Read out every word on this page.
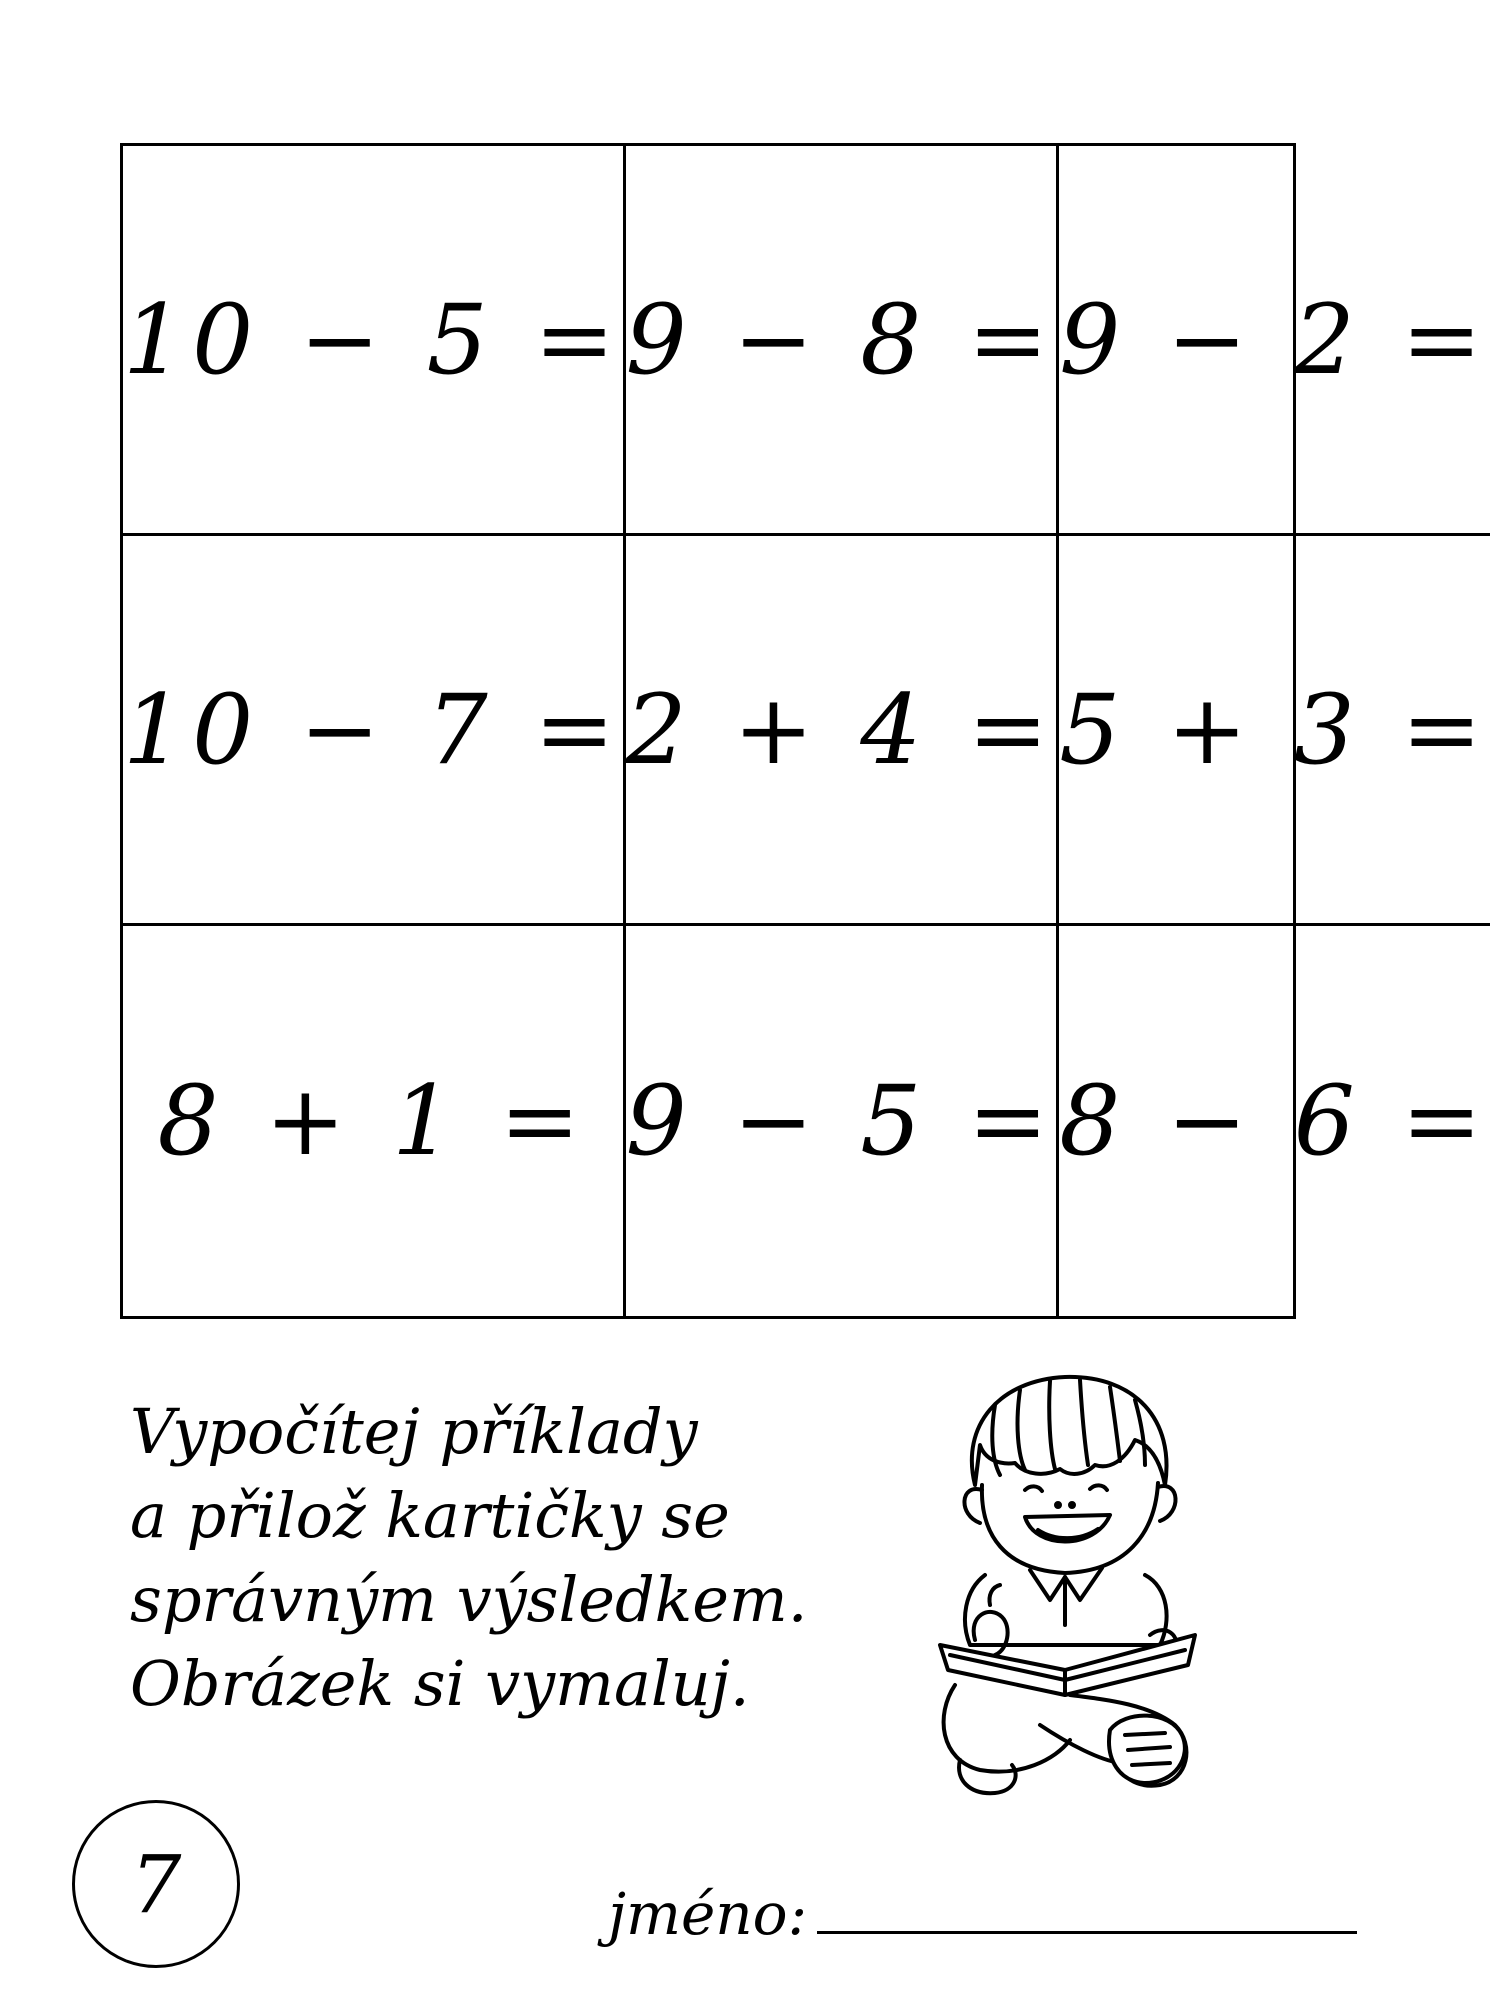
10 − 5 = 9 − 8 = 9 − 2 =
10 − 7 = 2 + 4 = 5 + 3 =
8 + 1 = 9 − 5 = 8 − 6 =
Vypočítej příklady
a přilož kartičky se
správným výsledkem.
Obrázek si vymaluj.
7	jméno:
